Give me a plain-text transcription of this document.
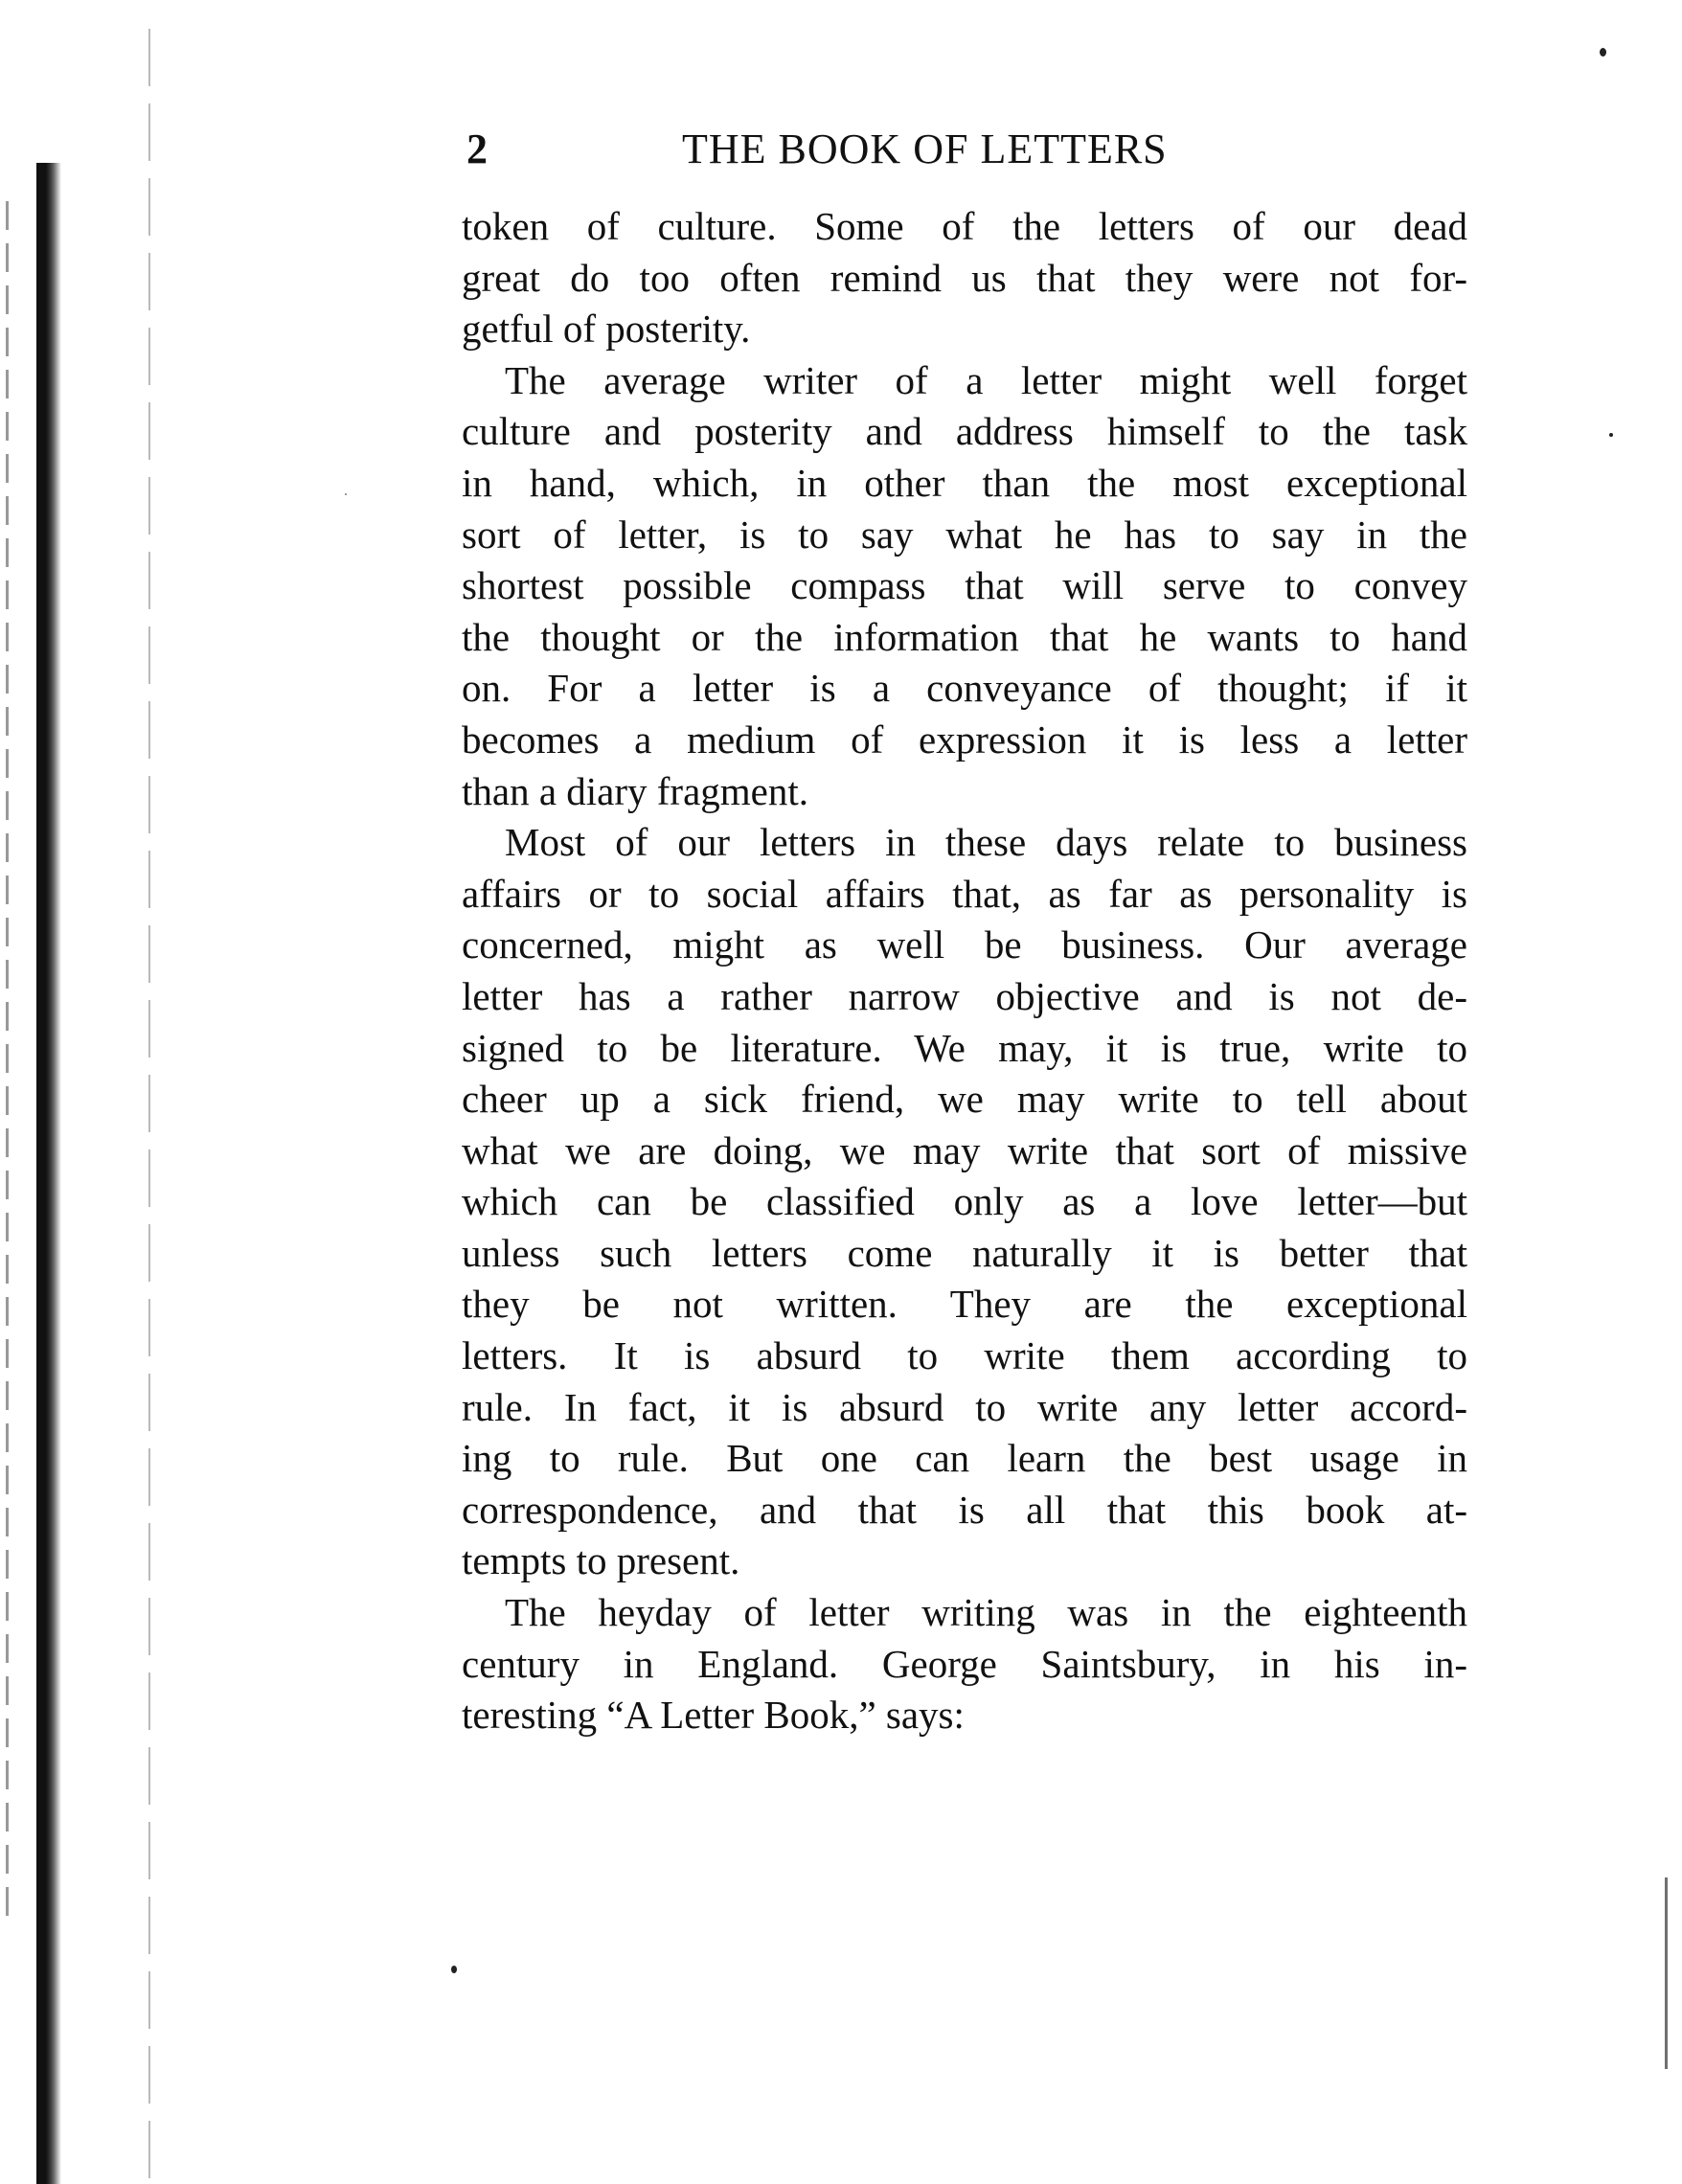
2	THE BOOK OF LETTERS
token of culture. Some of the letters of our dead
great do too often remind us that they were not for-
getful of posterity.
The average writer of a letter might well forget
culture and posterity and address himself to the task
in hand, which, in other than the most exceptional
sort of letter, is to say what he has to say in the
shortest possible compass that will serve to convey
the thought or the information that he wants to hand
on. For a letter is a conveyance of thought; if it
becomes a medium of expression it is less a letter
than a diary fragment.
Most of our letters in these days relate to business
affairs or to social affairs that, as far as personality is
concerned, might as well be business. Our average
letter has a rather narrow objective and is not de-
signed to be literature. We may, it is true, write to
cheer up a sick friend, we may write to tell about
what we are doing, we may write that sort of missive
which can be classified only as a love letter—but
unless such letters come naturally it is better that
they be not written. They are the exceptional
letters. It is absurd to write them according to
rule. In fact, it is absurd to write any letter accord-
ing to rule. But one can learn the best usage in
correspondence, and that is all that this book at-
tempts to present.
The heyday of letter writing was in the eighteenth
century in England. George Saintsbury, in his in-
teresting “A Letter Book,” says:
